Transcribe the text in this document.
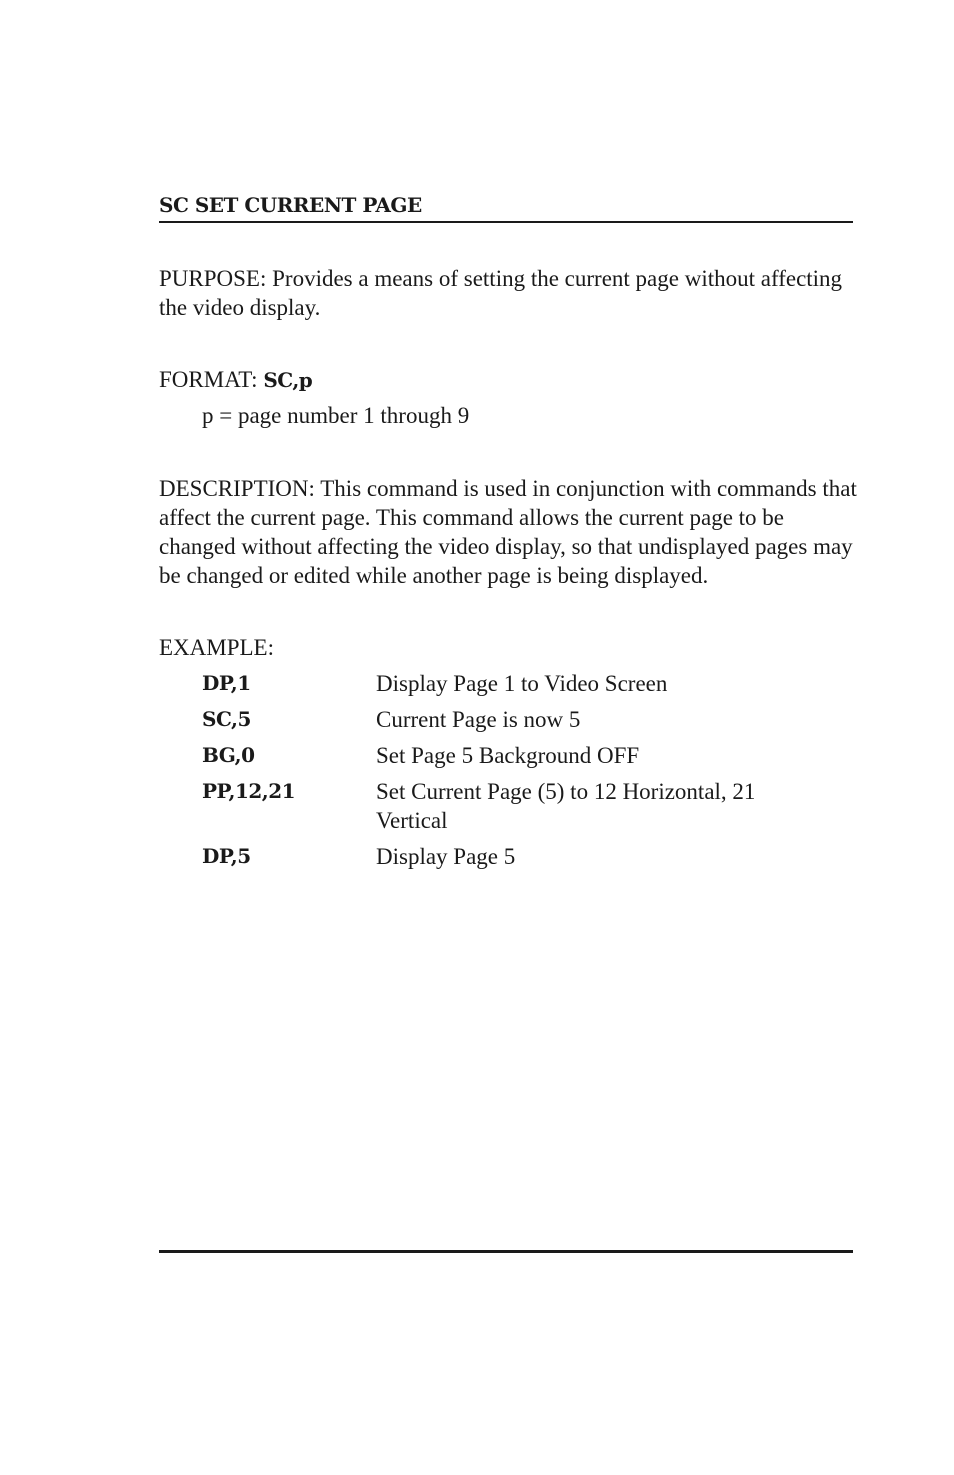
SC SET CURRENT PAGE

PURPOSE: Provides a means of setting the current page without affecting the video display.

FORMAT: SC,p

p = page number 1 through 9

DESCRIPTION: This command is used in conjunction with commands that affect the current page. This command allows the current page to be changed without affecting the video display, so that undisplayed pages may be changed or edited while another page is being displayed.

EXAMPLE:

DP,1	Display Page 1 to Video Screen
SC,5	Current Page is now 5
BG,0	Set Page 5 Background OFF
PP,12,21	Set Current Page (5) to 12 Horizontal, 21 Vertical
DP,5	Display Page 5
